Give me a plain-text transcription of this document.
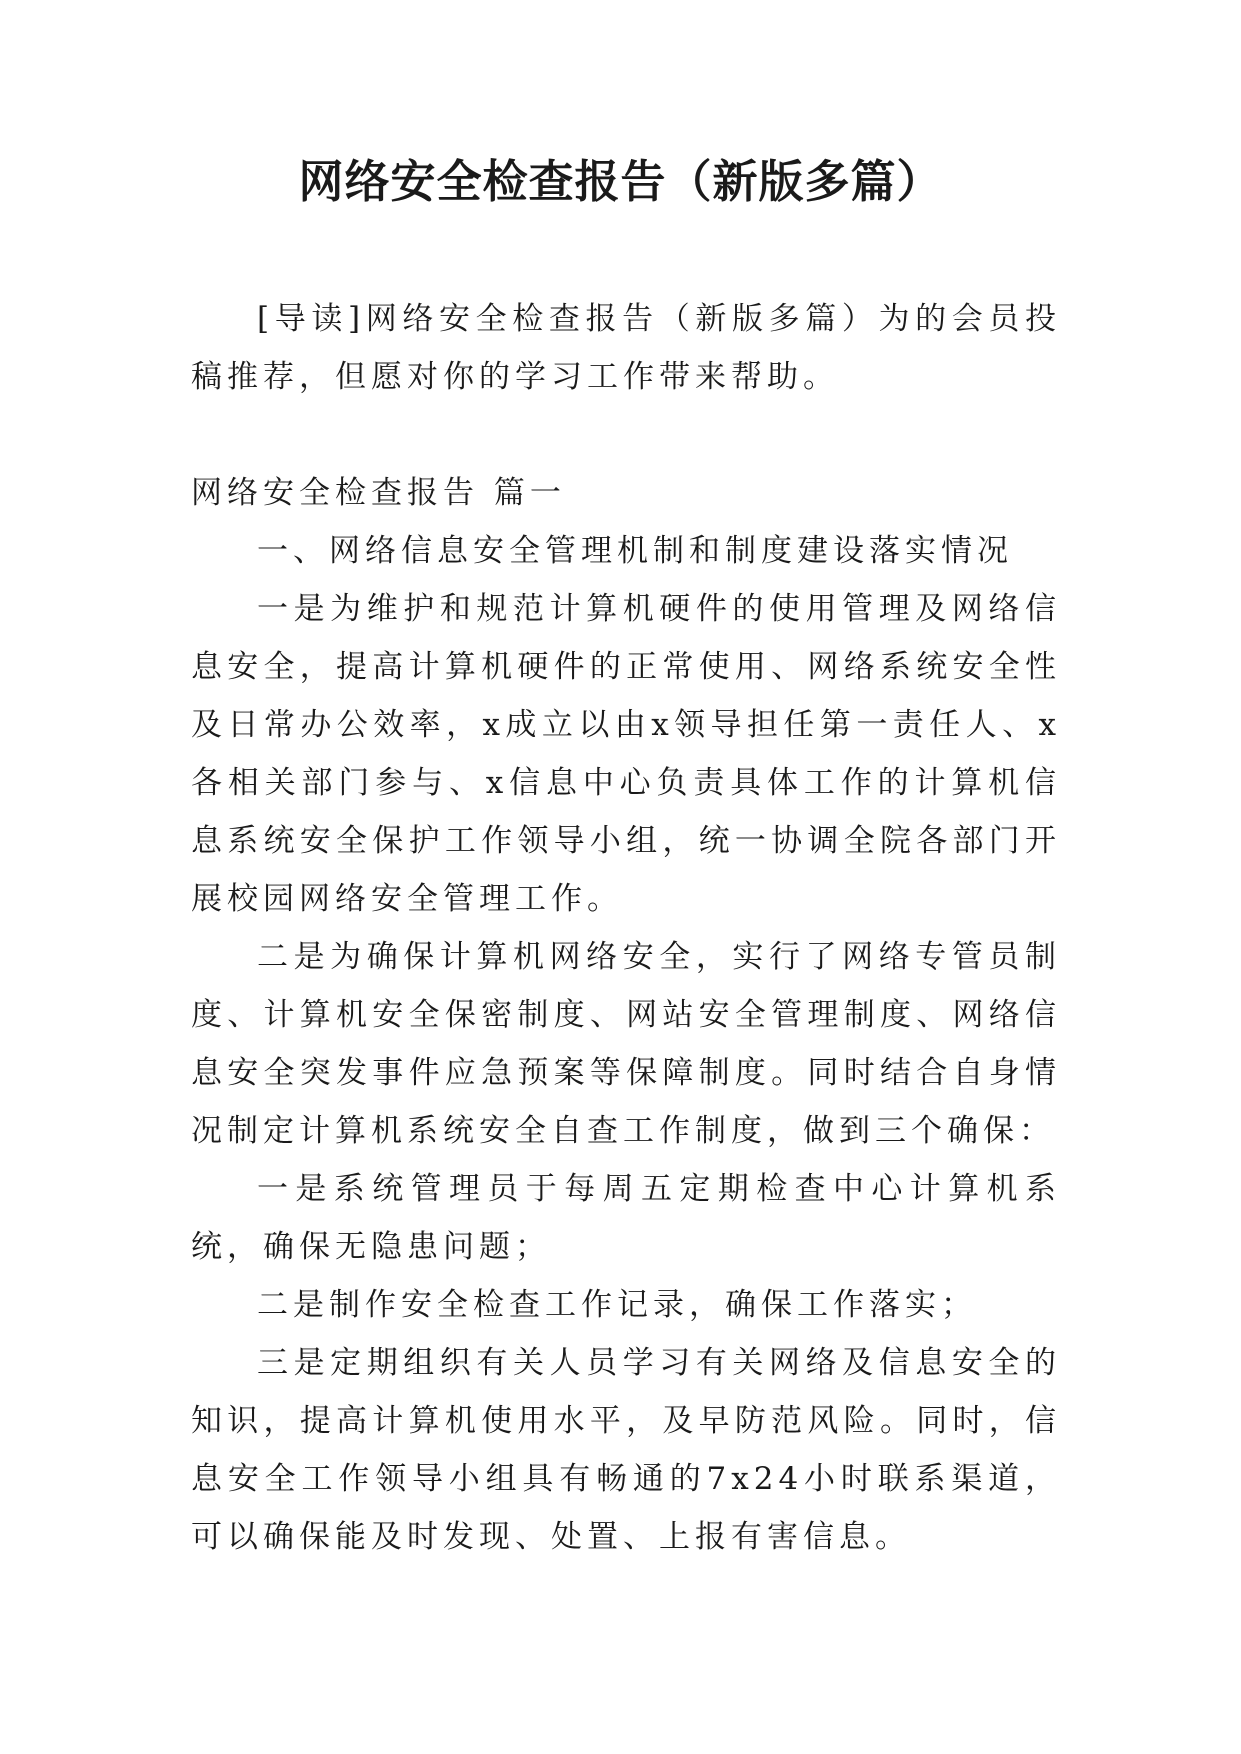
网络安全检查报告（新版多篇）

[导读]网络安全检查报告（新版多篇）为的会员投稿推荐，但愿对你的学习工作带来帮助。

网络安全检查报告 篇一

一、网络信息安全管理机制和制度建设落实情况

一是为维护和规范计算机硬件的使用管理及网络信息安全，提高计算机硬件的正常使用、网络系统安全性及日常办公效率，x成立以由x领导担任第一责任人、x各相关部门参与、x信息中心负责具体工作的计算机信息系统安全保护工作领导小组，统一协调全院各部门开展校园网络安全管理工作。

二是为确保计算机网络安全，实行了网络专管员制度、计算机安全保密制度、网站安全管理制度、网络信息安全突发事件应急预案等保障制度。同时结合自身情况制定计算机系统安全自查工作制度，做到三个确保：

一是系统管理员于每周五定期检查中心计算机系统，确保无隐患问题；

二是制作安全检查工作记录，确保工作落实；

三是定期组织有关人员学习有关网络及信息安全的知识，提高计算机使用水平，及早防范风险。同时，信息安全工作领导小组具有畅通的7x24小时联系渠道，可以确保能及时发现、处置、上报有害信息。
